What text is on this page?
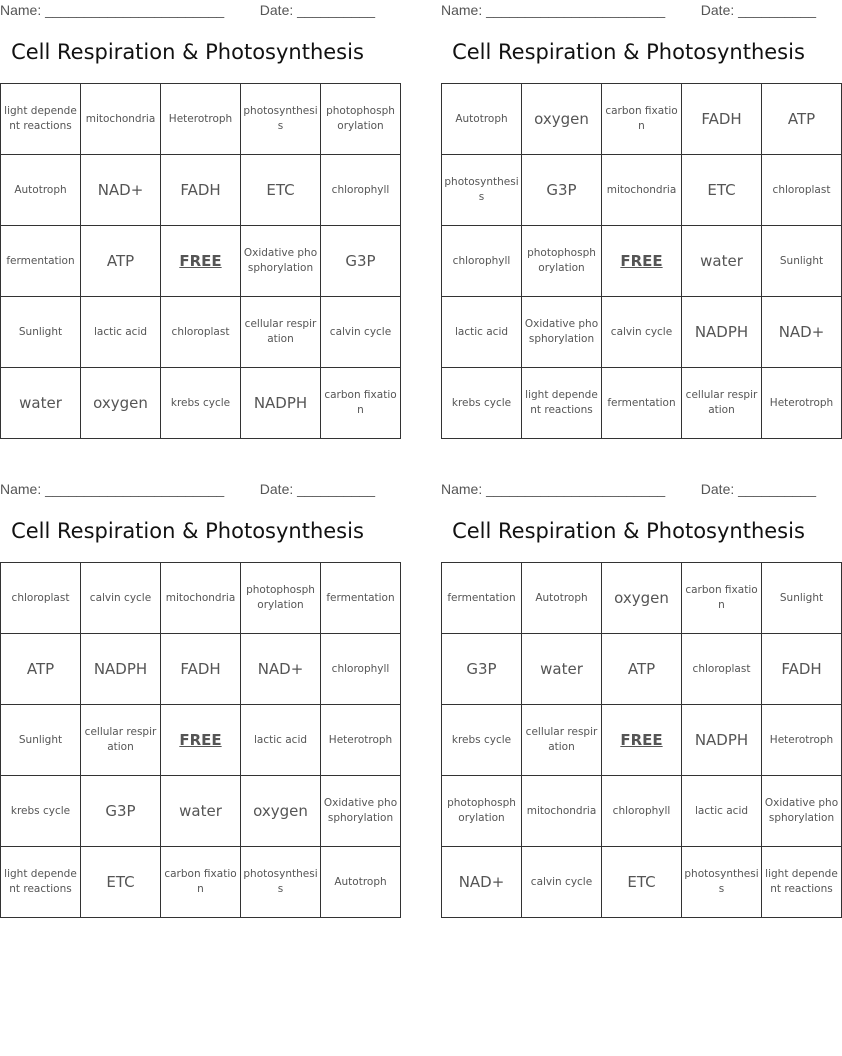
Name: _______________________	Date: __________
Cell Respiration & Photosynthesis
light dependent reactions	mitochondria	Heterotroph	photosynthesis	photophosphorylation
Autotroph	NAD+	FADH	ETC	chlorophyll
fermentation	ATP	FREE	Oxidative phosphorylation	G3P
Sunlight	lactic acid	chloroplast	cellular respiration	calvin cycle
water	oxygen	krebs cycle	NADPH	carbon fixation
Name: _______________________	Date: __________
Cell Respiration & Photosynthesis
Autotroph	oxygen	carbon fixation	FADH	ATP
photosynthesis	G3P	mitochondria	ETC	chloroplast
chlorophyll	photophosphorylation	FREE	water	Sunlight
lactic acid	Oxidative phosphorylation	calvin cycle	NADPH	NAD+
krebs cycle	light dependent reactions	fermentation	cellular respiration	Heterotroph
Name: _______________________	Date: __________
Cell Respiration & Photosynthesis
chloroplast	calvin cycle	mitochondria	photophosphorylation	fermentation
ATP	NADPH	FADH	NAD+	chlorophyll
Sunlight	cellular respiration	FREE	lactic acid	Heterotroph
krebs cycle	G3P	water	oxygen	Oxidative phosphorylation
light dependent reactions	ETC	carbon fixation	photosynthesis	Autotroph
Name: _______________________	Date: __________
Cell Respiration & Photosynthesis
fermentation	Autotroph	oxygen	carbon fixation	Sunlight
G3P	water	ATP	chloroplast	FADH
krebs cycle	cellular respiration	FREE	NADPH	Heterotroph
photophosphorylation	mitochondria	chlorophyll	lactic acid	Oxidative phosphorylation
NAD+	calvin cycle	ETC	photosynthesis	light dependent reactions
